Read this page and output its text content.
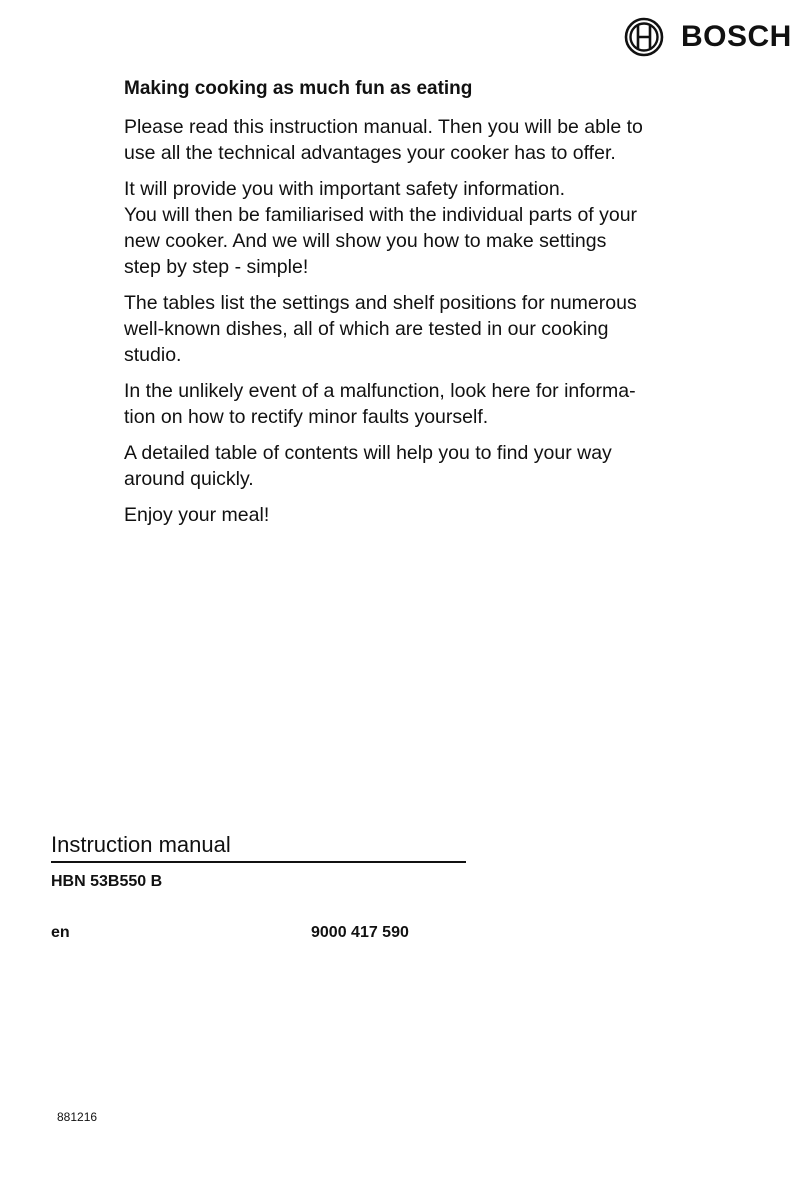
BOSCH
Making cooking as much fun as eating

Please read this instruction manual. Then you will be able to
use all the technical advantages your cooker has to offer.

It will provide you with important safety information.
You will then be familiarised with the individual parts of your
new cooker. And we will show you how to make settings
step by step - simple!

The tables list the settings and shelf positions for numerous
well-known dishes, all of which are tested in our cooking
studio.

In the unlikely event of a malfunction, look here for informa-
tion on how to rectify minor faults yourself.

A detailed table of contents will help you to find your way
around quickly.

Enjoy your meal!

Instruction manual
HBN 53B550 B
en	9000 417 590
881216
